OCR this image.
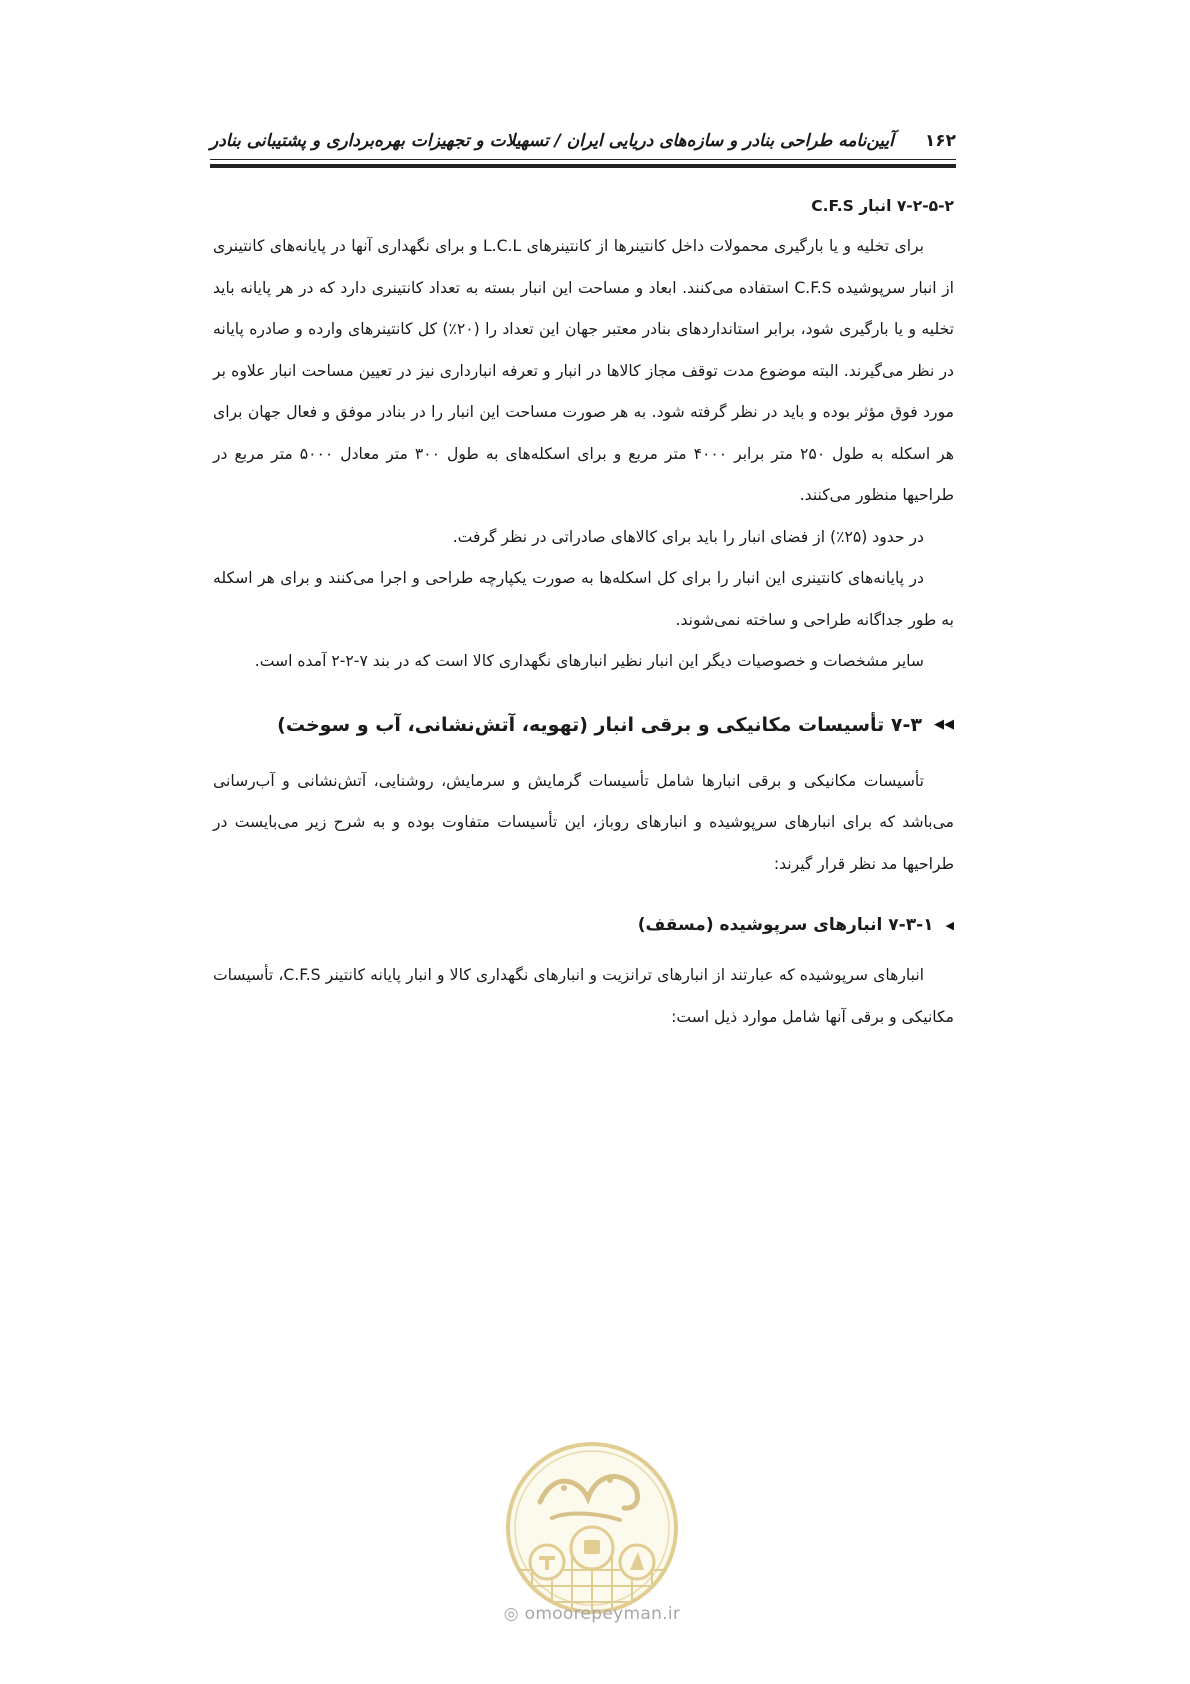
۱۶۲
آیین‌نامه طراحی بنادر و سازه‌های دریایی ایران / تسهیلات و تجهیزات بهره‌برداری و پشتیبانی بنادر
۷-۲-۵-۲ انبار C.F.S

برای تخلیه و یا بارگیری محمولات داخل کانتینرها از کانتینرهای L.C.L و برای نگهداری آنها در پایانه‌های کانتینری از انبار سرپوشیده C.F.S استفاده می‌کنند. ابعاد و مساحت این انبار بسته به تعداد کانتینری دارد که در هر پایانه باید تخلیه و یا بارگیری شود، برابر استانداردهای بنادر معتبر جهان این تعداد را (۲۰٪) کل کانتینرهای وارده و صادره پایانه در نظر می‌گیرند. البته موضوع مدت توقف مجاز کالاها در انبار و تعرفه انبارداری نیز در تعیین مساحت انبار علاوه بر مورد فوق مؤثر بوده و باید در نظر گرفته شود. به هر صورت مساحت این انبار را در بنادر موفق و فعال جهان برای هر اسکله به طول ۲۵۰ متر برابر ۴۰۰۰ متر مربع و برای اسکله‌های به طول ۳۰۰ متر معادل ۵۰۰۰ متر مربع در طراحیها منظور می‌کنند.

در حدود (۲۵٪) از فضای انبار را باید برای کالاهای صادراتی در نظر گرفت.

در پایانه‌های کانتینری این انبار را برای کل اسکله‌ها به صورت یکپارچه طراحی و اجرا می‌کنند و برای هر اسکله به طور جداگانه طراحی و ساخته نمی‌شوند.

سایر مشخصات و خصوصیات دیگر این انبار نظیر انبارهای نگهداری کالا است که در بند ۷-۲-۲ آمده است.

◀◀
۷-۳ تأسیسات مکانیکی و برقی انبار (تهویه، آتش‌نشانی، آب و سوخت)

تأسیسات مکانیکی و برقی انبارها شامل تأسیسات گرمایش و سرمایش، روشنایی، آتش‌نشانی و آب‌رسانی می‌باشد که برای انبارهای سرپوشیده و انبارهای روباز، این تأسیسات متفاوت بوده و به شرح زیر می‌بایست در طراحیها مد نظر قرار گیرند:

◀
۷-۳-۱ انبارهای سرپوشیده (مسقف)

انبارهای سرپوشیده که عبارتند از انبارهای ترانزیت و انبارهای نگهداری کالا و انبار پایانه کانتینر C.F.S، تأسیسات مکانیکی و برقی آنها شامل موارد ذیل است:

◎ omoorepeyman.ir
